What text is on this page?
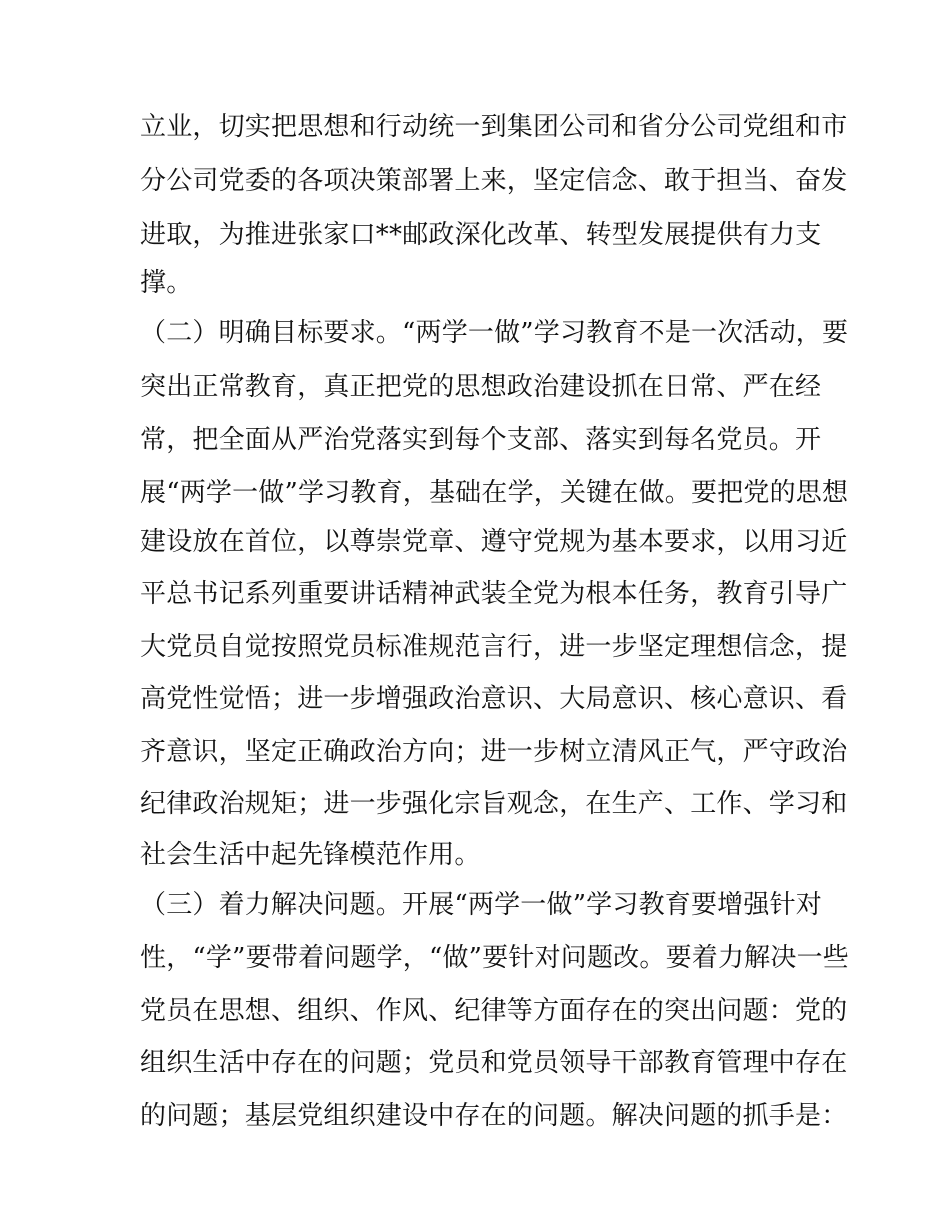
立业，切实把思想和行动统一到集团公司和省分公司党组和市
分公司党委的各项决策部署上来，坚定信念、敢于担当、奋发
进取，为推进张家口**邮政深化改革、转型发展提供有力支
撑。
（二）明确目标要求。“两学一做”学习教育不是一次活动，要
突出正常教育，真正把党的思想政治建设抓在日常、严在经
常，把全面从严治党落实到每个支部、落实到每名党员。开
展“两学一做”学习教育，基础在学，关键在做。要把党的思想
建设放在首位，以尊崇党章、遵守党规为基本要求，以用习近
平总书记系列重要讲话精神武装全党为根本任务，教育引导广
大党员自觉按照党员标准规范言行，进一步坚定理想信念，提
高党性觉悟；进一步增强政治意识、大局意识、核心意识、看
齐意识，坚定正确政治方向；进一步树立清风正气，严守政治
纪律政治规矩；进一步强化宗旨观念，在生产、工作、学习和
社会生活中起先锋模范作用。
（三）着力解决问题。开展“两学一做”学习教育要增强针对
性，“学”要带着问题学，“做”要针对问题改。要着力解决一些
党员在思想、组织、作风、纪律等方面存在的突出问题：党的
组织生活中存在的问题；党员和党员领导干部教育管理中存在
的问题；基层党组织建设中存在的问题。解决问题的抓手是：
